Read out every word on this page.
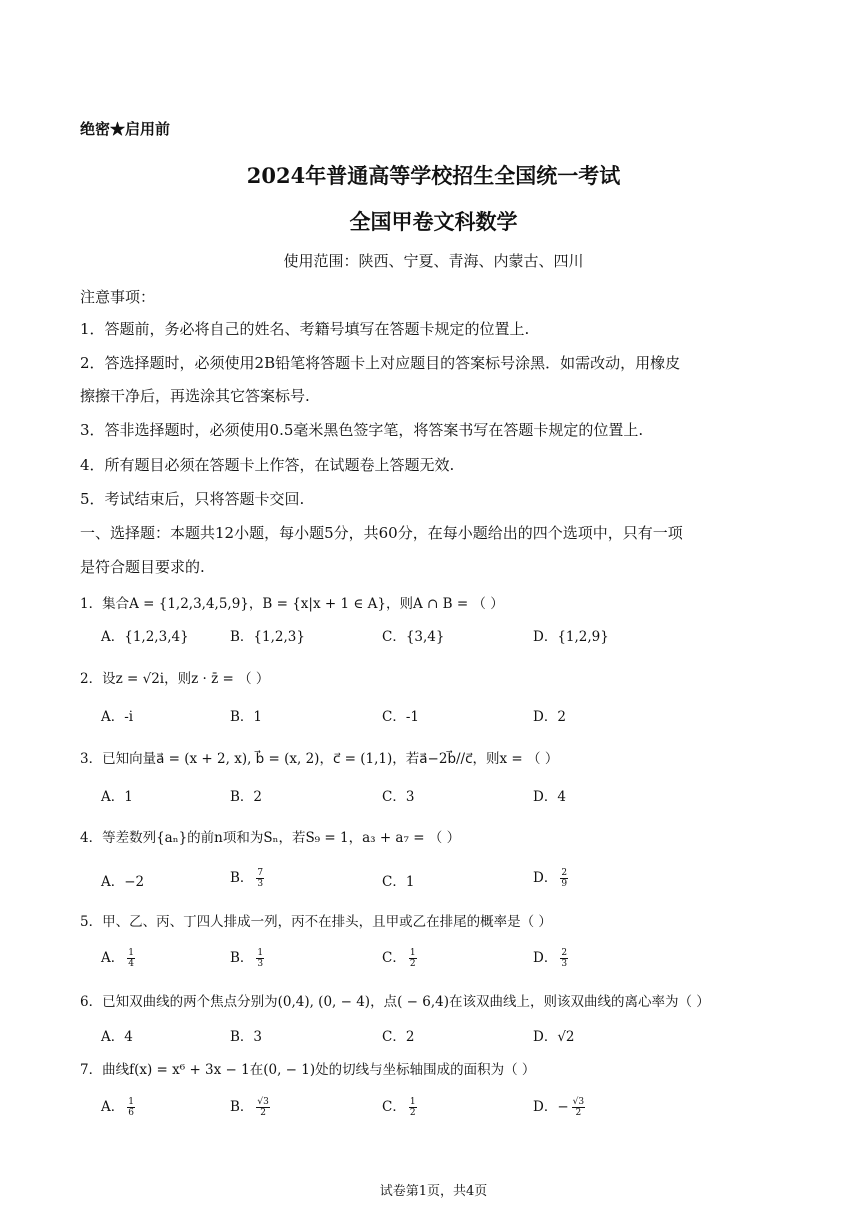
绝密★启用前
2024年普通高等学校招生全国统一考试
全国甲卷文科数学
使用范围：陕西、宁夏、青海、内蒙古、四川
注意事项：
1．答题前，务必将自己的姓名、考籍号填写在答题卡规定的位置上.
2．答选择题时，必须使用2B铅笔将答题卡上对应题目的答案标号涂黑．如需改动，用橡皮
擦擦干净后，再选涂其它答案标号.
3．答非选择题时，必须使用0.5毫米黑色签字笔，将答案书写在答题卡规定的位置上.
4．所有题目必须在答题卡上作答，在试题卷上答题无效.
5．考试结束后，只将答题卡交回.
一、选择题：本题共12小题，每小题5分，共60分，在每小题给出的四个选项中，只有一项
是符合题目要求的.
1．集合A = {1,2,3,4,5,9}，B = {x|x + 1 ∈ A}，则A ∩ B = （ ）
A．{1,2,3,4}	B．{1,2,3}	C．{3,4}	D．{1,2,9}
2．设z = √2i，则z · z̄ = （ ）
A．-i	B．1	C．-1	D．2
3．已知向量a⃗ = (x + 2, x), b⃗ = (x, 2)，c⃗ = (1,1)，若a⃗−2b⃗//c⃗，则x = （ ）
A．1	B．2	C．3	D．4
4．等差数列{aₙ}的前n项和为Sₙ，若S₉ = 1，a₃ + a₇ = （ ）
A．−2	B． $\frac{7}{3}$	C．1	D． $\frac{2}{9}$
5．甲、乙、丙、丁四人排成一列，丙不在排头，且甲或乙在排尾的概率是（ ）
A． $\frac{1}{4}$	B． $\frac{1}{3}$	C． $\frac{1}{2}$	D． $\frac{2}{3}$
6．已知双曲线的两个焦点分别为(0,4), (0, − 4)，点( − 6,4)在该双曲线上，则该双曲线的离心率为（ ）
A．4	B．3	C．2	D．√2
7．曲线f(x) = x⁶ + 3x − 1在(0, − 1)处的切线与坐标轴围成的面积为（ ）
A． $\frac{1}{6}$	B． $\frac{√3}{2}$	C． $\frac{1}{2}$	D．− $\frac{√3}{2}$
试卷第1页，共4页
